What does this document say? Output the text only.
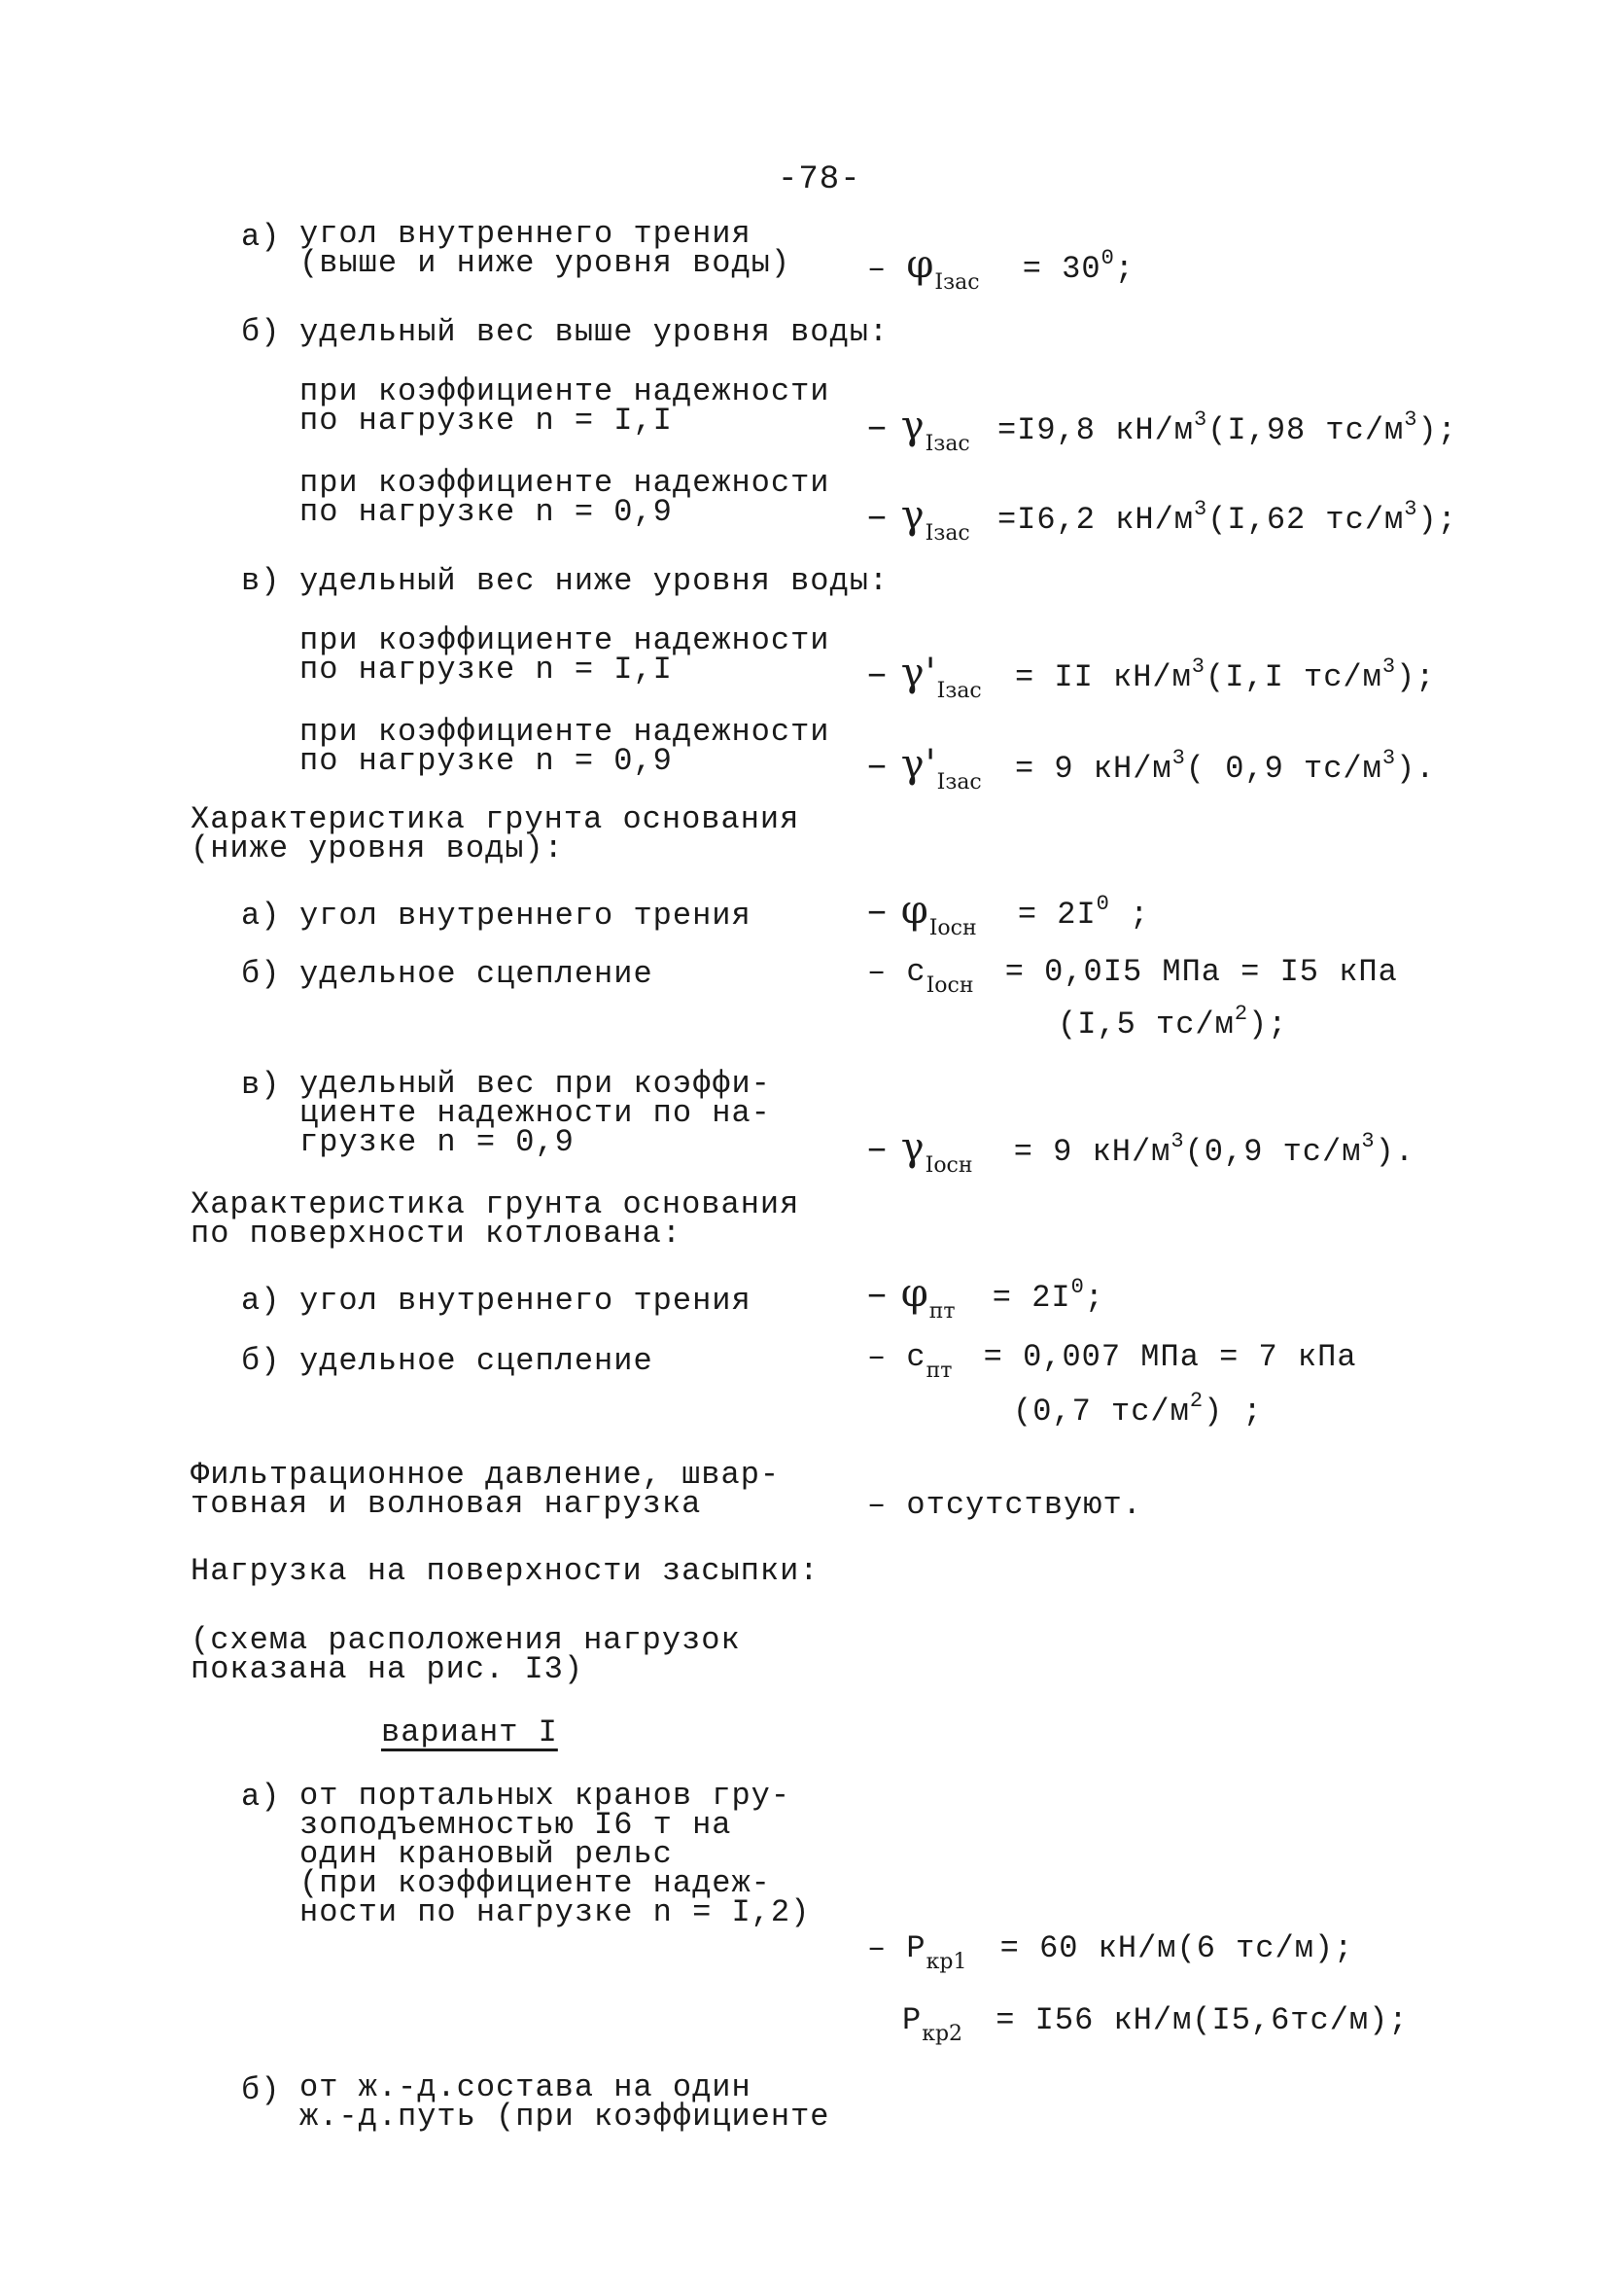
-78-
а) угол внутреннего трения
(выше и ниже уровня воды) – $\varphi_{Iзас} = 30^0$;
б) удельный вес выше уровня воды:
при коэффициенте надежности
по нагрузке n = I,I	– $\gamma_{Iзас} =I9,8$ $кН/м^3(I,98$ $тс/м^3$);
при коэффициенте надежности
по нагрузке n = 0,9	– $\gamma_{Iзас} =I6,2$ $кН/м^3(I,62$ $тс/м^3$);
в) удельный вес ниже уровня воды:
при коэффициенте надежности
по нагрузке n = I,I	– $\gamma'_{Iзас}$ = II $кН/м^3(I,I$ $тс/м^3$);
при коэффициенте надежности
по нагрузке n = 0,9	– $\gamma'_{Iзас} = 9$ $кН/м^3$( 0,9 $тс/м^3$).
Характеристика грунта основания
(ниже уровня воды):
а) угол внутреннего трения	– $\varphi_{Iосн} = 2I^0$ ;
б) удельное сцепление	– $c_{Iосн} = 0,0I5$ МПа = I5 кПа
(I,5 $тс/м^2$);
в) удельный вес при коэффи-
циенте надежности по на-
грузке n = 0,9	– $\gamma_{Iосн} = 9$ $кН/м^3(0,9$ $тс/м^3$).
Характеристика грунта основания
по поверхности котлована:
а) угол внутреннего трения	– $\varphi_{пт} = 2I^0$;
б) удельное сцепление	– $c_{пт} = 0,007$ МПа = 7 кПа
(0,7 $тс/м^2$) ;
Фильтрационное давление, швар-
товная и волновая нагрузка	– отсутствуют.
Нагрузка на поверхности засыпки:
(схема расположения нагрузок
показана на рис. I3)
вариант I
а) от портальных кранов гру-
зоподъемностью I6 т на
один крановый рельс
(при коэффициенте надеж-
ности по нагрузке n = I,2)
– $P_{кр1} = 60$ кН/м(6 тс/м);
$P_{кр2} = I56$ кН/м(I5,6тс/м);
б) от ж.-д.состава на один
ж.-д.путь (при коэффициенте
